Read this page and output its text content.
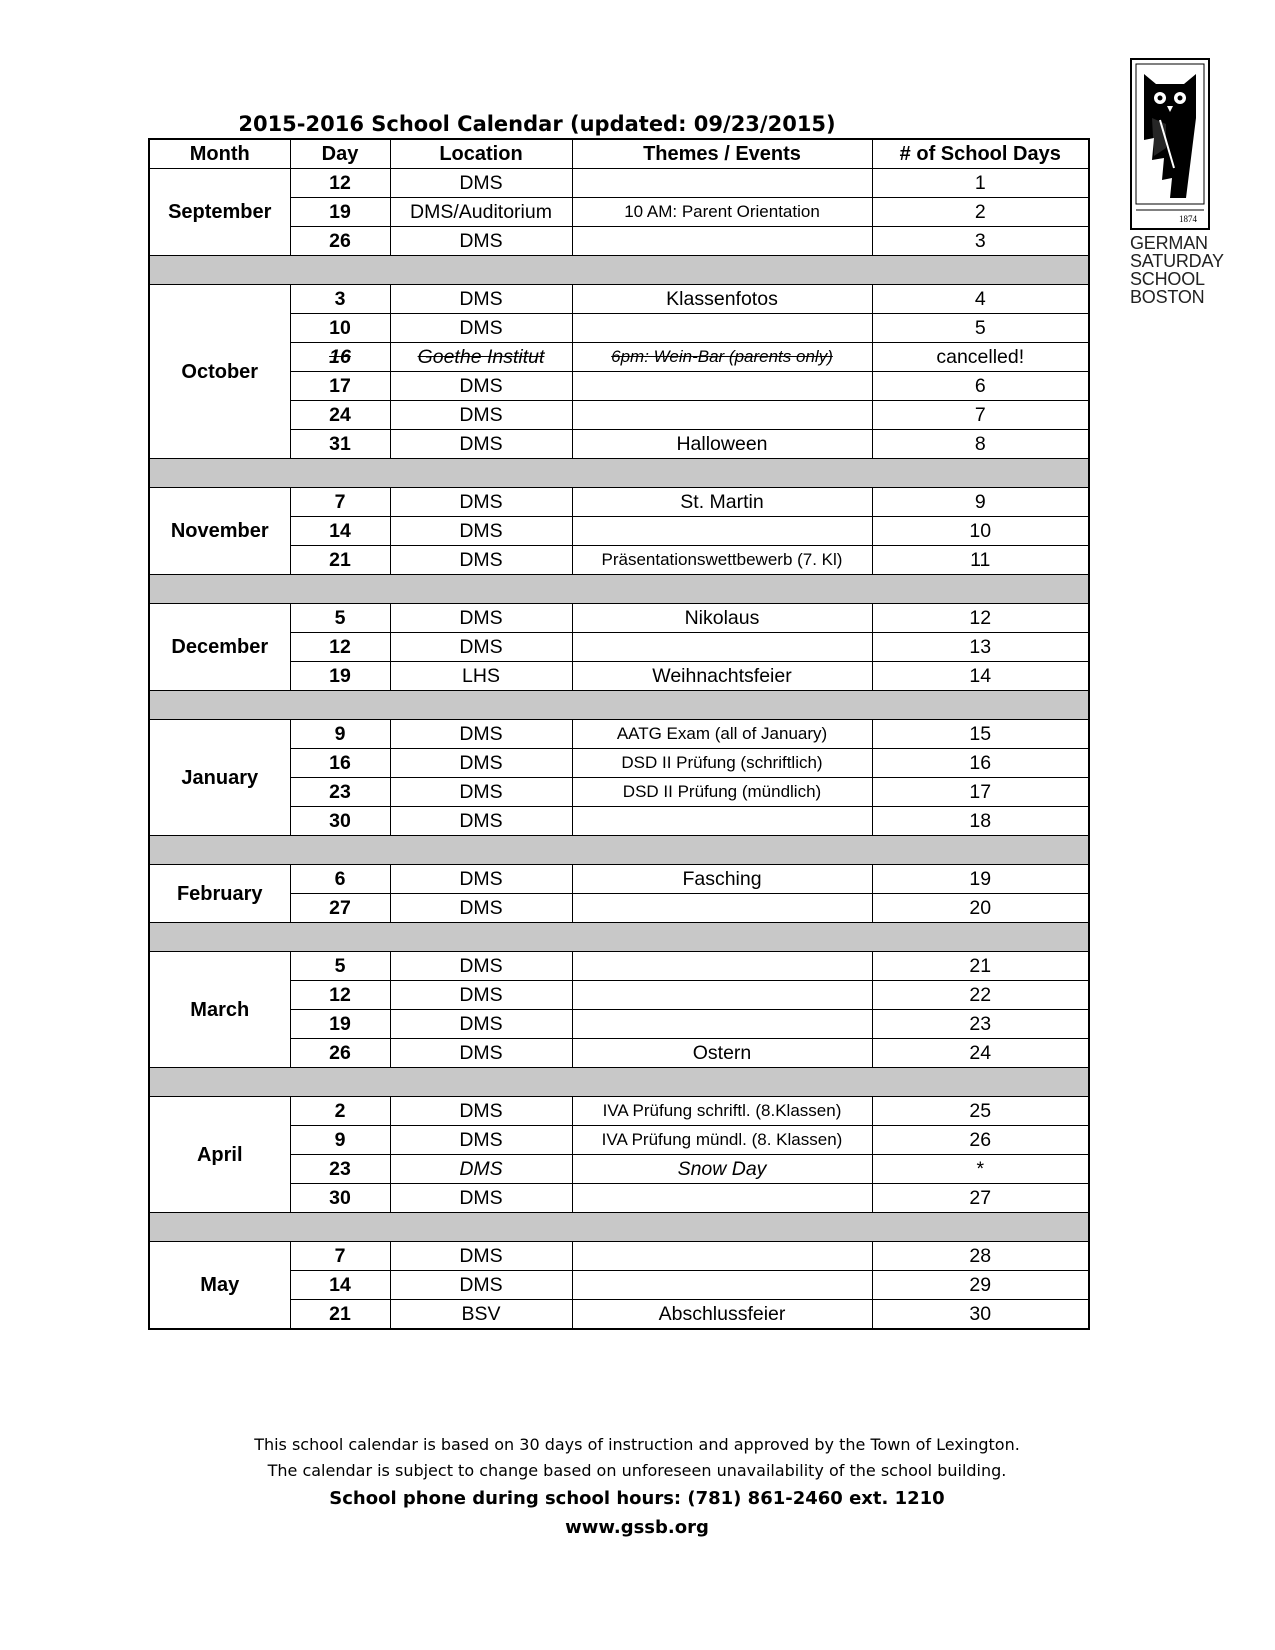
2015-2016 School Calendar (updated: 09/23/2015)
Month	Day	Location	Themes / Events	# of School Days
September	12	DMS		1
	19	DMS/Auditorium	10 AM: Parent Orientation	2
	26	DMS		3

October	3	DMS	Klassenfotos	4
	10	DMS		5
	16	Goethe Institut	6pm: Wein-Bar (parents only)	cancelled!
	17	DMS		6
	24	DMS		7
	31	DMS	Halloween	8

November	7	DMS	St. Martin	9
	14	DMS		10
	21	DMS	Präsentationswettbewerb (7. Kl)	11

December	5	DMS	Nikolaus	12
	12	DMS		13
	19	LHS	Weihnachtsfeier	14

January	9	DMS	AATG Exam (all of January)	15
	16	DMS	DSD II Prüfung (schriftlich)	16
	23	DMS	DSD II Prüfung (mündlich)	17
	30	DMS		18

February	6	DMS	Fasching	19
	27	DMS		20

March	5	DMS		21
	12	DMS		22
	19	DMS		23
	26	DMS	Ostern	24

April	2	DMS	IVA Prüfung schriftl. (8.Klassen)	25
	9	DMS	IVA Prüfung mündl. (8. Klassen)	26
	23	DMS	Snow Day	*
	30	DMS		27

May	7	DMS		28
	14	DMS		29
	21	BSV	Abschlussfeier	30
1874
GERMAN
SATURDAY
SCHOOL
BOSTON
This school calendar is based on 30 days of instruction and approved by the Town of Lexington.
The calendar is subject to change based on unforeseen unavailability of the school building.
School phone during school hours: (781) 861-2460 ext. 1210
www.gssb.org
